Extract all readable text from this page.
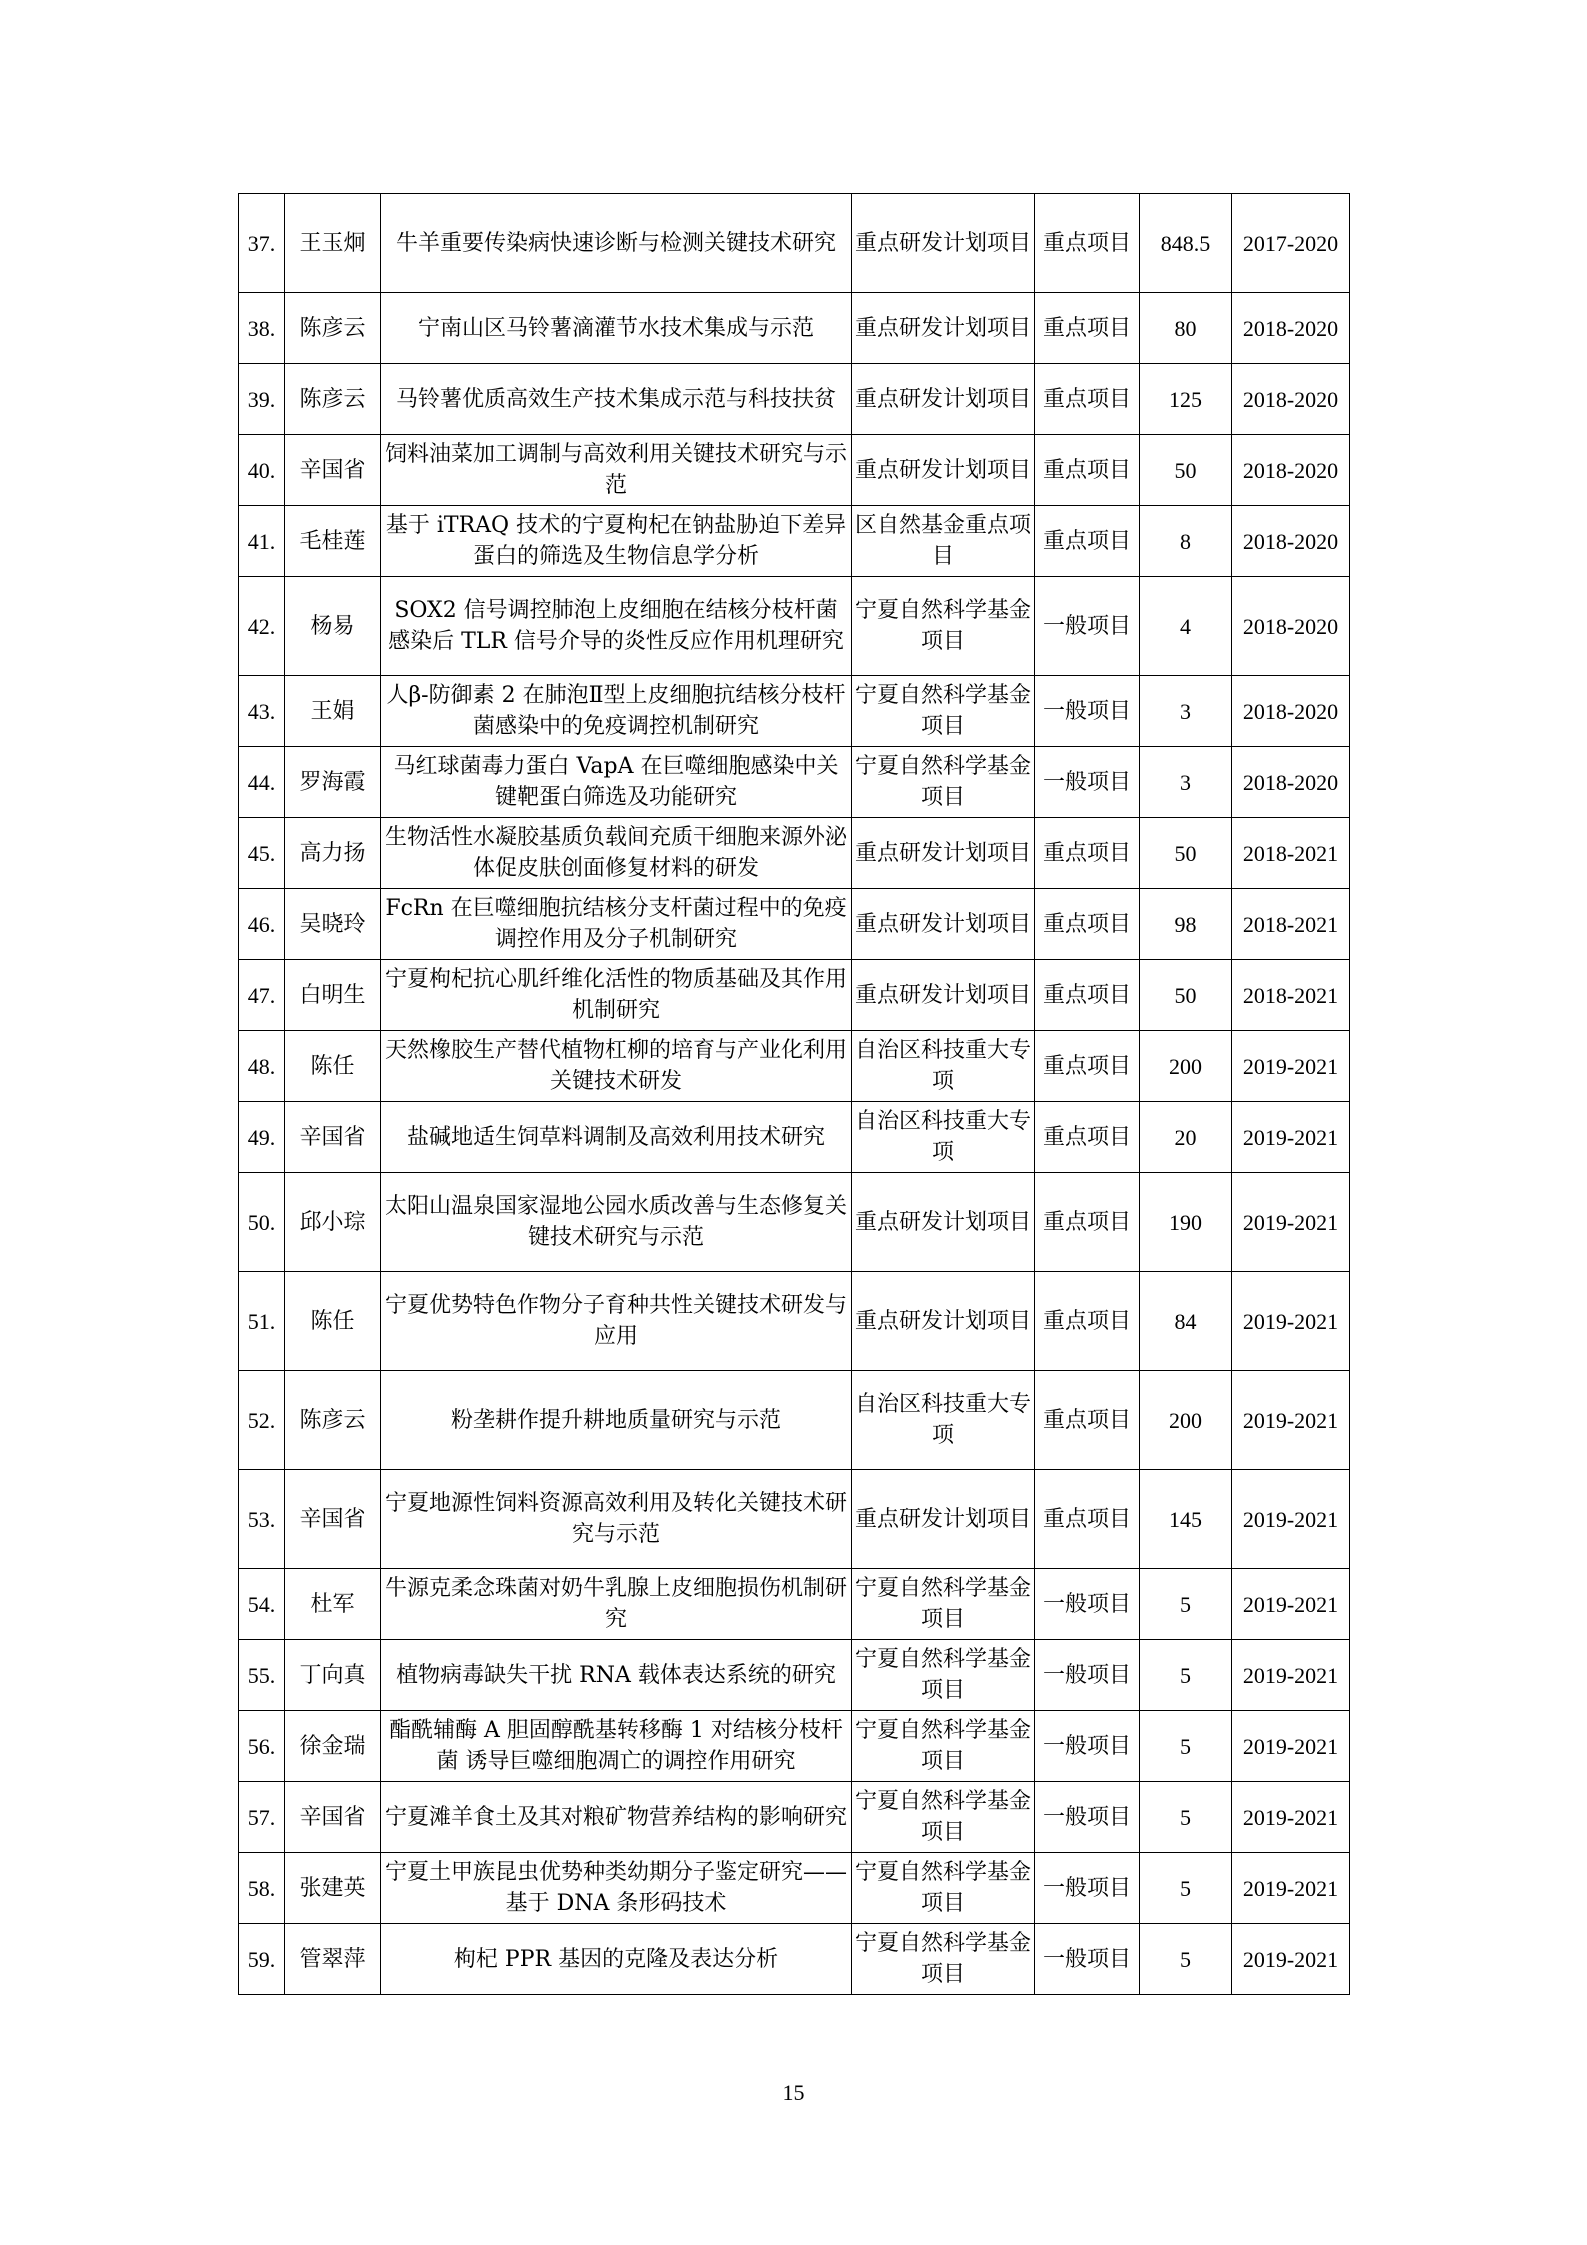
37.	王玉炯	牛羊重要传染病快速诊断与检测关键技术研究	重点研发计划项目	重点项目	848.5	2017-2020
38.	陈彦云	宁南山区马铃薯滴灌节水技术集成与示范	重点研发计划项目	重点项目	80	2018-2020
39.	陈彦云	马铃薯优质高效生产技术集成示范与科技扶贫	重点研发计划项目	重点项目	125	2018-2020
40.	辛国省	饲料油菜加工调制与高效利用关键技术研究与示范	重点研发计划项目	重点项目	50	2018-2020
41.	毛桂莲	基于 iTRAQ 技术的宁夏枸杞在钠盐胁迫下差异蛋白的筛选及生物信息学分析	区自然基金重点项目	重点项目	8	2018-2020
42.	杨易	SOX2 信号调控肺泡上皮细胞在结核分枝杆菌感染后 TLR 信号介导的炎性反应作用机理研究	宁夏自然科学基金项目	一般项目	4	2018-2020
43.	王娟	人β-防御素 2 在肺泡Ⅱ型上皮细胞抗结核分枝杆菌感染中的免疫调控机制研究	宁夏自然科学基金项目	一般项目	3	2018-2020
44.	罗海霞	马红球菌毒力蛋白 VapA 在巨噬细胞感染中关键靶蛋白筛选及功能研究	宁夏自然科学基金项目	一般项目	3	2018-2020
45.	高力扬	生物活性水凝胶基质负载间充质干细胞来源外泌体促皮肤创面修复材料的研发	重点研发计划项目	重点项目	50	2018-2021
46.	吴晓玲	FcRn 在巨噬细胞抗结核分支杆菌过程中的免疫调控作用及分子机制研究	重点研发计划项目	重点项目	98	2018-2021
47.	白明生	宁夏枸杞抗心肌纤维化活性的物质基础及其作用机制研究	重点研发计划项目	重点项目	50	2018-2021
48.	陈任	天然橡胶生产替代植物杠柳的培育与产业化利用关键技术研发	自治区科技重大专项	重点项目	200	2019-2021
49.	辛国省	盐碱地适生饲草料调制及高效利用技术研究	自治区科技重大专项	重点项目	20	2019-2021
50.	邱小琮	太阳山温泉国家湿地公园水质改善与生态修复关键技术研究与示范	重点研发计划项目	重点项目	190	2019-2021
51.	陈任	宁夏优势特色作物分子育种共性关键技术研发与应用	重点研发计划项目	重点项目	84	2019-2021
52.	陈彦云	粉垄耕作提升耕地质量研究与示范	自治区科技重大专项	重点项目	200	2019-2021
53.	辛国省	宁夏地源性饲料资源高效利用及转化关键技术研究与示范	重点研发计划项目	重点项目	145	2019-2021
54.	杜军	牛源克柔念珠菌对奶牛乳腺上皮细胞损伤机制研究	宁夏自然科学基金项目	一般项目	5	2019-2021
55.	丁向真	植物病毒缺失干扰 RNA 载体表达系统的研究	宁夏自然科学基金项目	一般项目	5	2019-2021
56.	徐金瑞	酯酰辅酶 A 胆固醇酰基转移酶 1 对结核分枝杆菌 诱导巨噬细胞凋亡的调控作用研究	宁夏自然科学基金项目	一般项目	5	2019-2021
57.	辛国省	宁夏滩羊食土及其对粮矿物营养结构的影响研究	宁夏自然科学基金项目	一般项目	5	2019-2021
58.	张建英	宁夏土甲族昆虫优势种类幼期分子鉴定研究——基于 DNA 条形码技术	宁夏自然科学基金项目	一般项目	5	2019-2021
59.	管翠萍	枸杞 PPR 基因的克隆及表达分析	宁夏自然科学基金项目	一般项目	5	2019-2021
15
